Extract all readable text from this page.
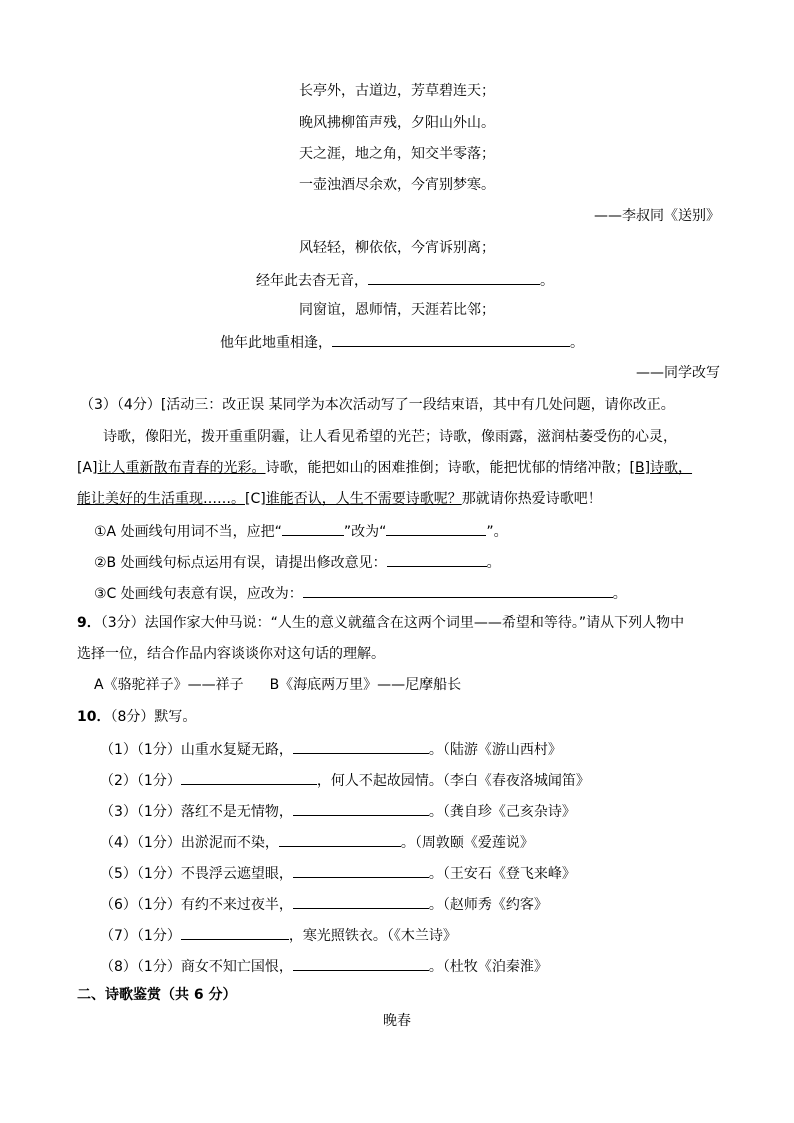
长亭外，古道边，芳草碧连天；
晚风拂柳笛声残，夕阳山外山。
天之涯，地之角，知交半零落；
一壶浊酒尽余欢，今宵别梦寒。
——李叔同《送别》
风轻轻，柳依依，今宵诉别离；
经年此去杳无音，	。
同窗谊，恩师情，天涯若比邻；
他年此地重相逢，	。
——同学改写
（3）（4分）[活动三：改正误 某同学为本次活动写了一段结束语，其中有几处问题，请你改正。
诗歌，像阳光，拨开重重阴霾，让人看见希望的光芒；诗歌，像雨露，滋润枯萎受伤的心灵，
[A]让人重新散布青春的光彩。诗歌，能把如山的困难推倒；诗歌，能把忧郁的情绪冲散；[B]诗歌，
能让美好的生活重现……。[C]谁能否认，人生不需要诗歌呢？那就请你热爱诗歌吧！
①A 处画线句用词不当，应把“	”改为“	”。
②B 处画线句标点运用有误，请提出修改意见：	。
③C 处画线句表意有误，应改为：	。
9．（3分）法国作家大仲马说：“人生的意义就蕴含在这两个词里——希望和等待。”请从下列人物中
选择一位，结合作品内容谈谈你对这句话的理解。
A《骆驼祥子》——祥子 B《海底两万里》——尼摩船长
10．（8分）默写。
（1）（1分）山重水复疑无路，	。（陆游《游山西村》
（2）（1分）	，何人不起故园情。（李白《春夜洛城闻笛》
（3）（1分）落红不是无情物，	。（龚自珍《己亥杂诗》
（4）（1分）出淤泥而不染，	。（周敦颐《爱莲说》
（5）（1分）不畏浮云遮望眼，	。（王安石《登飞来峰》
（6）（1分）有约不来过夜半，	。（赵师秀《约客》
（7）（1分）	，寒光照铁衣。（《木兰诗》
（8）（1分）商女不知亡国恨，	。（杜牧《泊秦淮》
二、诗歌鉴赏（共 6 分）
晚春
